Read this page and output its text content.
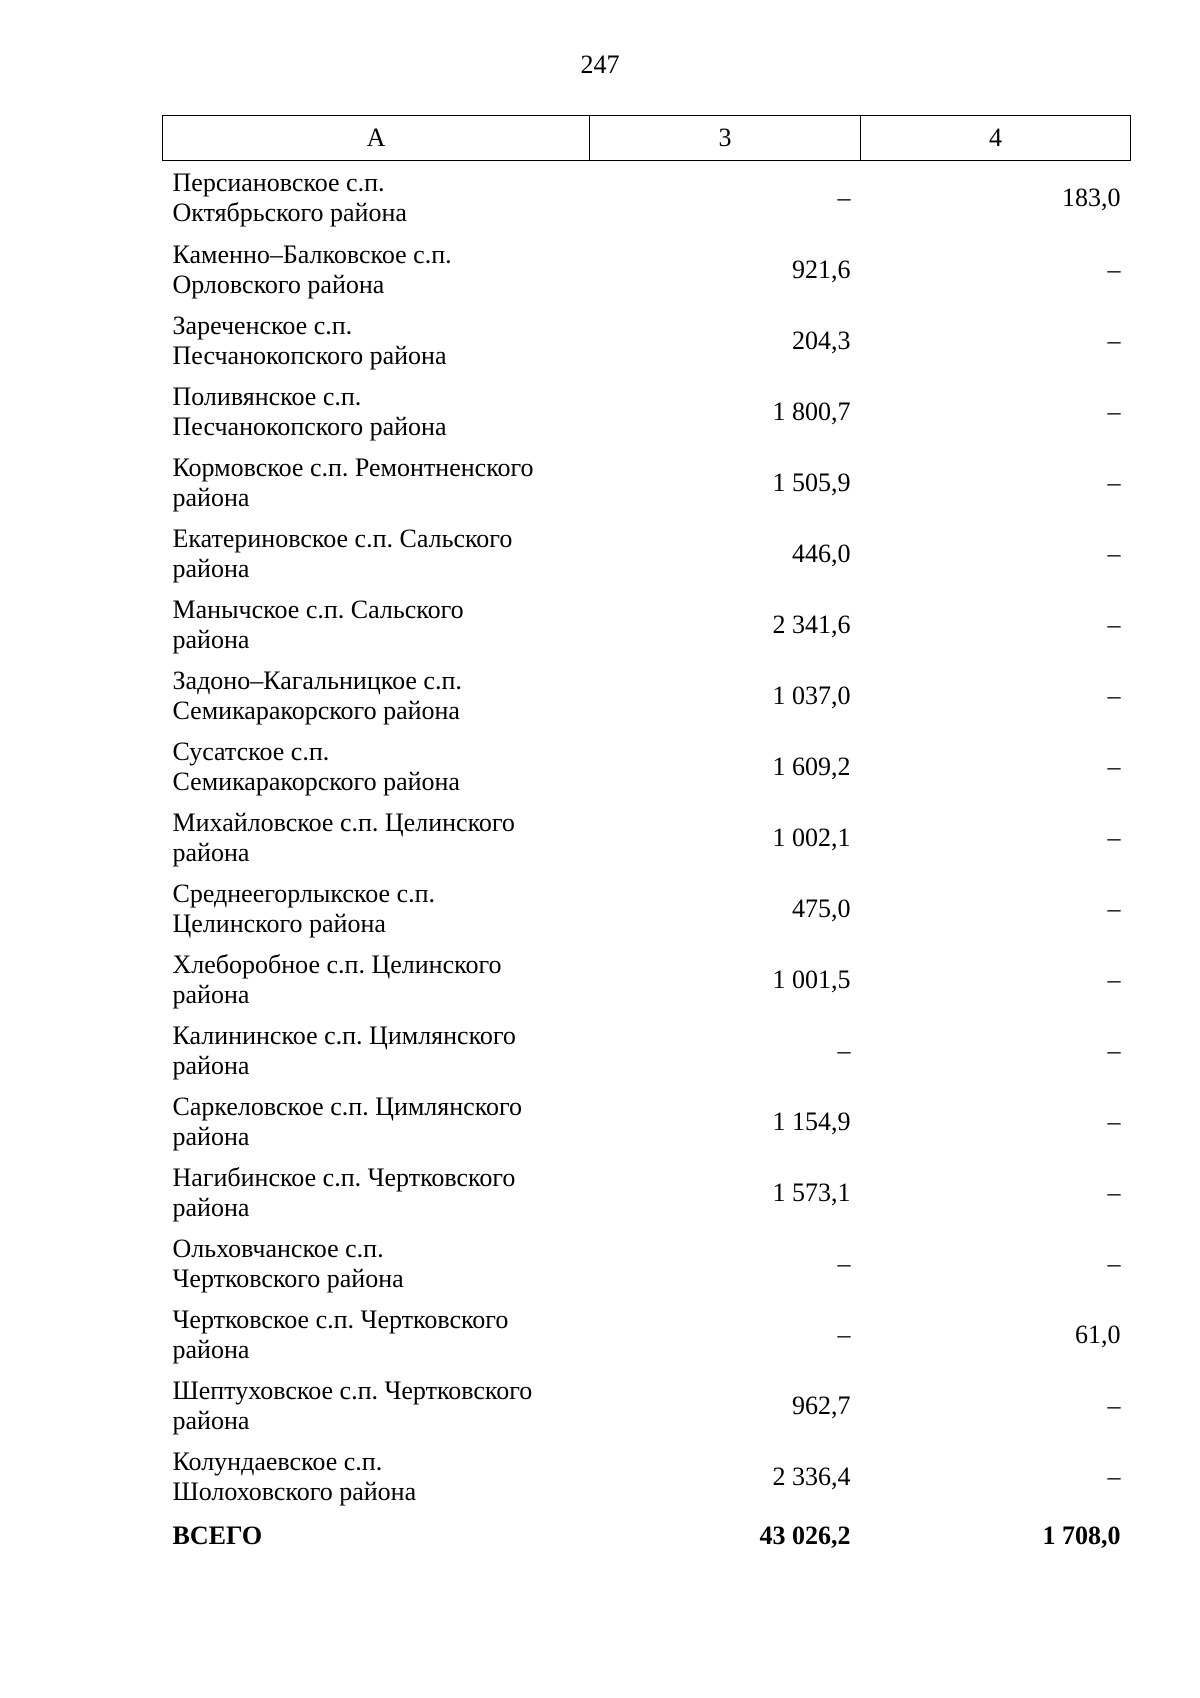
247
А	3	4
Персиановское с.п.
Октябрьского района	–	183,0
Каменно–Балковское с.п.
Орловского района	921,6	–
Зареченское с.п.
Песчанокопского района	204,3	–
Поливянское с.п.
Песчанокопского района	1 800,7	–
Кормовское с.п. Ремонтненского
района	1 505,9	–
Екатериновское с.п. Сальского
района	446,0	–
Манычское с.п. Сальского
района	2 341,6	–
Задоно–Кагальницкое с.п.
Семикаракорского района	1 037,0	–
Сусатское с.п.
Семикаракорского района	1 609,2	–
Михайловское с.п. Целинского
района	1 002,1	–
Среднеегорлыкское с.п.
Целинского района	475,0	–
Хлеборобное с.п. Целинского
района	1 001,5	–
Калининское с.п. Цимлянского
района	–	–
Саркеловское с.п. Цимлянского
района	1 154,9	–
Нагибинское с.п. Чертковского
района	1 573,1	–
Ольховчанское с.п.
Чертковского района	–	–
Чертковское с.п. Чертковского
района	–	61,0
Шептуховское с.п. Чертковского
района	962,7	–
Колундаевское с.п.
Шолоховского района	2 336,4	–
ВСЕГО	43 026,2	1 708,0
